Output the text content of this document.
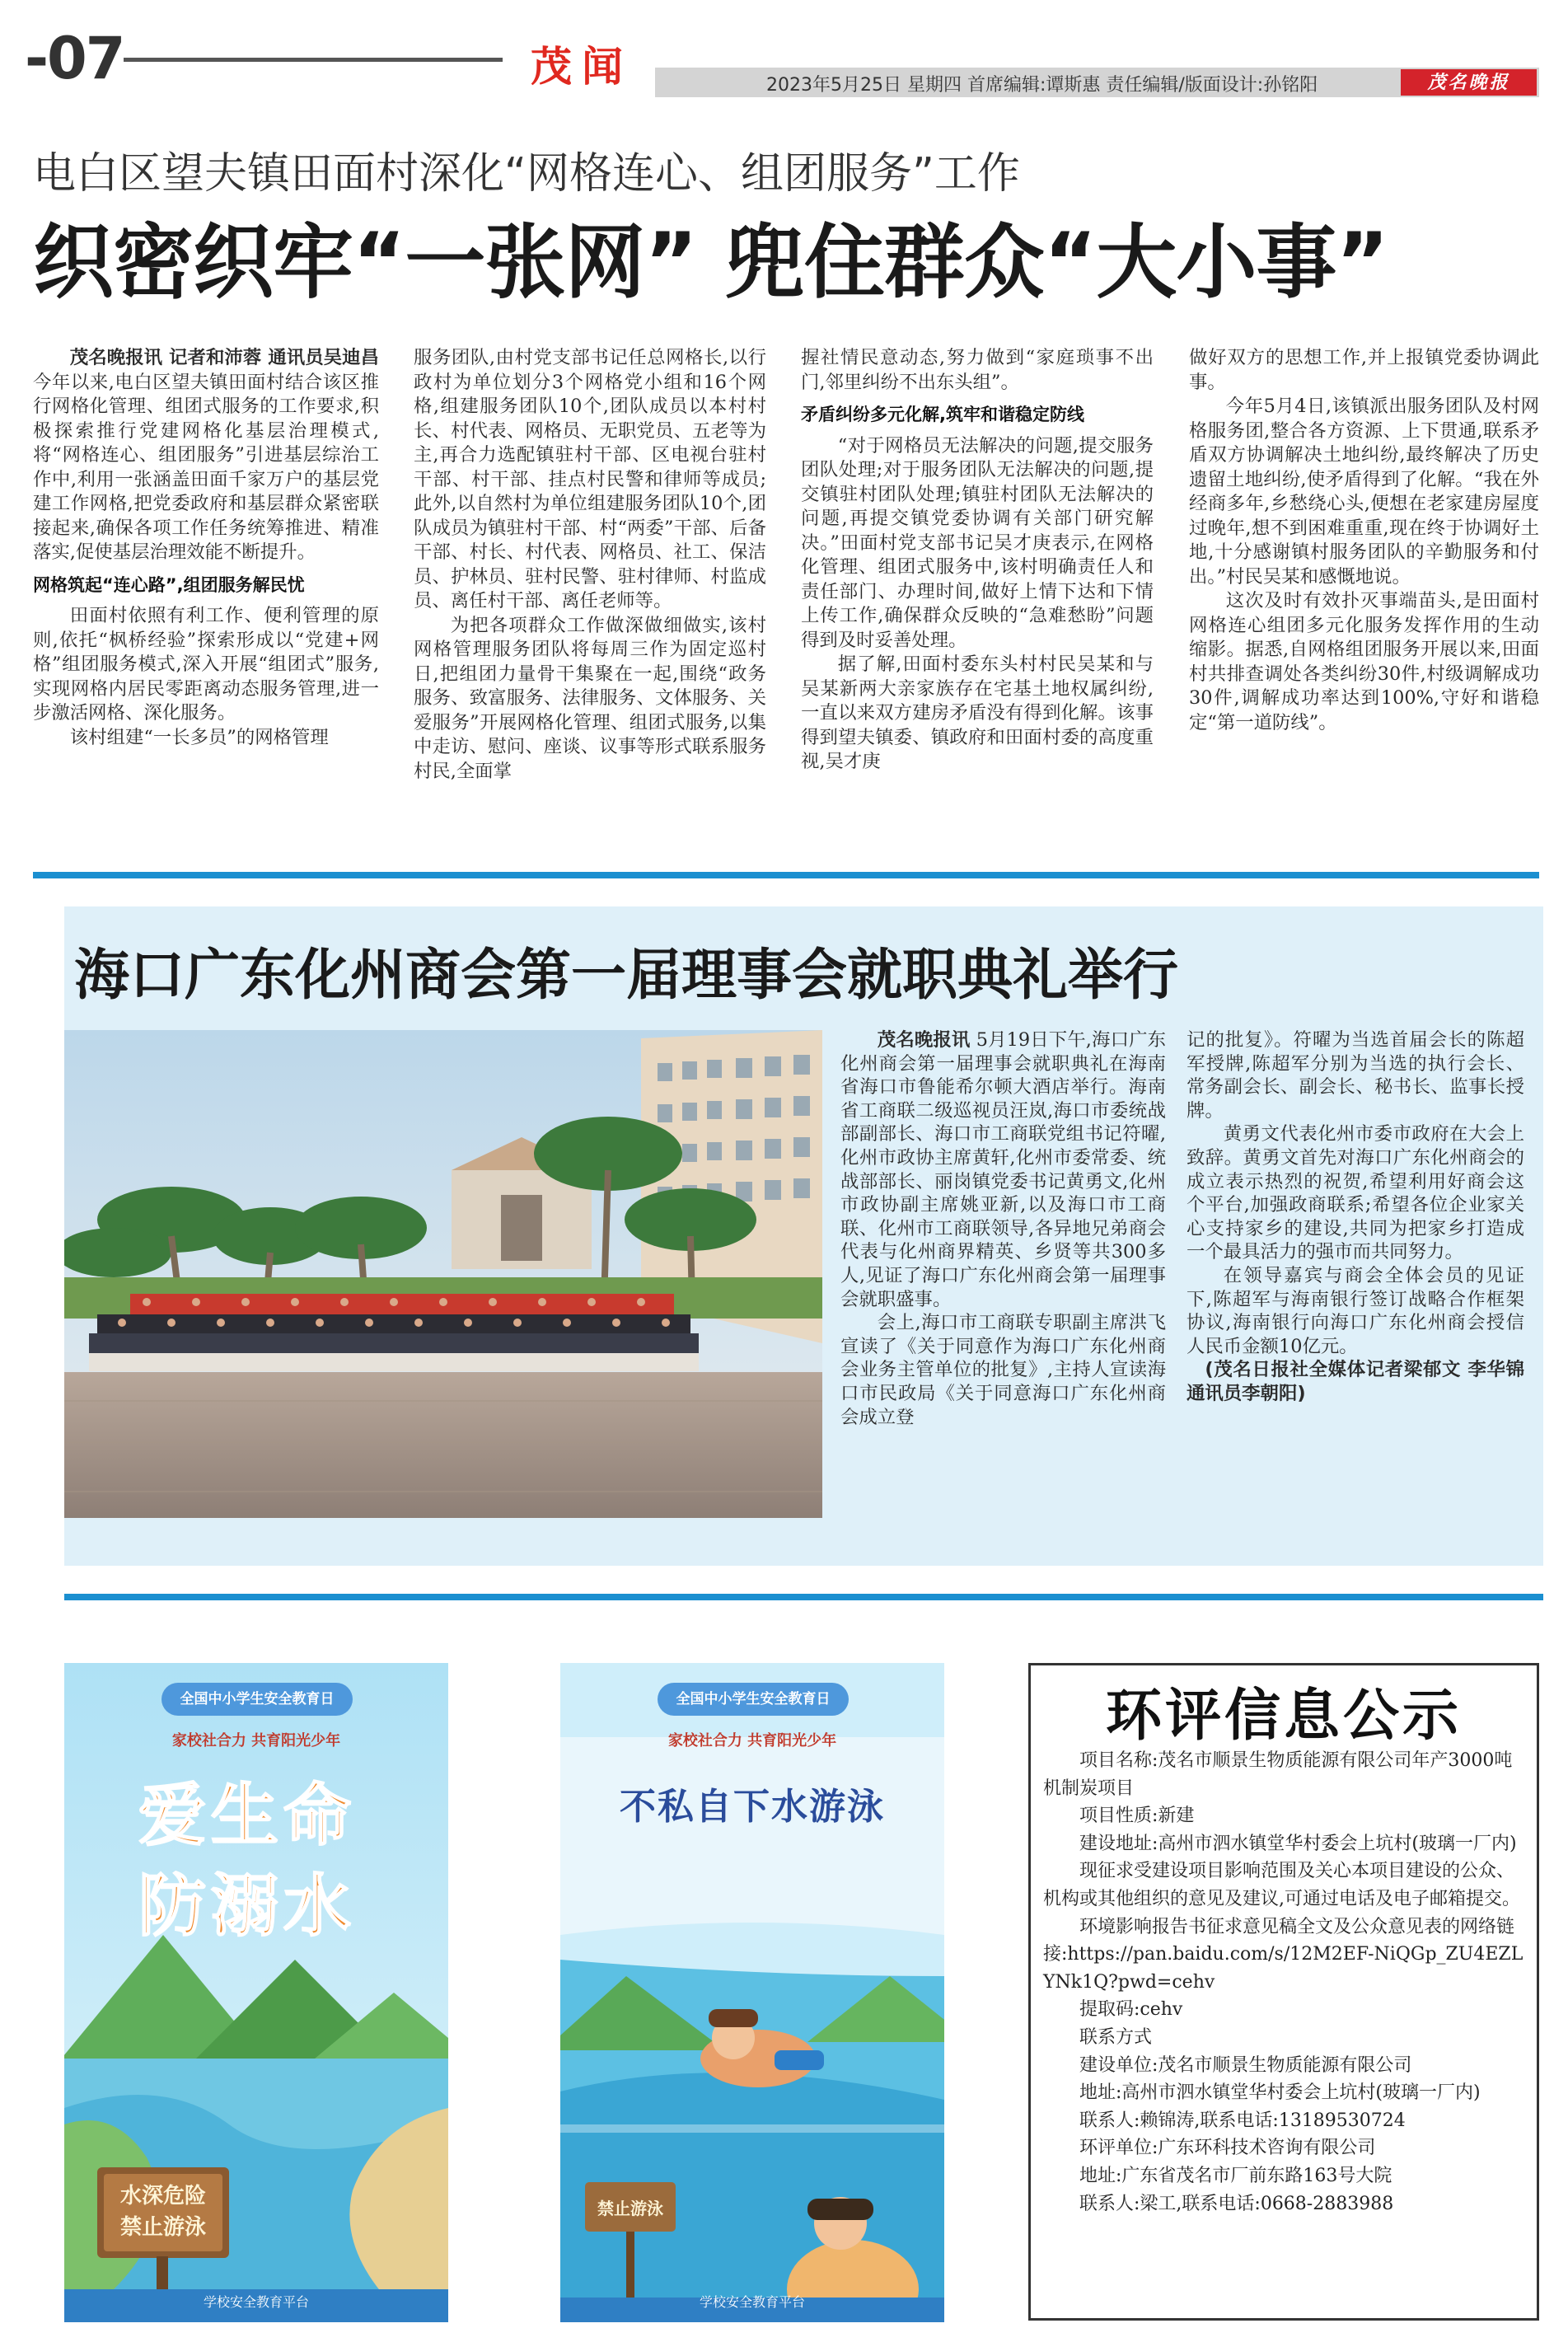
-07	茂 闻	2023年5月25日 星期四 首席编辑:谭斯惠 责任编辑/版面设计:孙铭阳	茂名晚报
电白区望夫镇田面村深化“网格连心、组团服务”工作
织密织牢“一张网” 兜住群众“大小事”

茂名晚报讯 记者和沛蓉 通讯员吴迪昌 今年以来,电白区望夫镇田面村结合该区推行网格化管理、组团式服务的工作要求,积极探索推行党建网格化基层治理模式,将“网格连心、组团服务”引进基层综治工作中,利用一张涵盖田面千家万户的基层党建工作网格,把党委政府和基层群众紧密联接起来,确保各项工作任务统筹推进、精准落实,促使基层治理效能不断提升。

网格筑起“连心路”,组团服务解民忧

田面村依照有利工作、便利管理的原则,依托“枫桥经验”探索形成以“党建+网格”组团服务模式,深入开展“组团式”服务,实现网格内居民零距离动态服务管理,进一步激活网格、深化服务。

该村组建“一长多员”的网格管理

服务团队,由村党支部书记任总网格长,以行政村为单位划分3个网格党小组和16个网格,组建服务团队10个,团队成员以本村村长、村代表、网格员、无职党员、五老等为主,再合力选配镇驻村干部、区电视台驻村干部、村干部、挂点村民警和律师等成员;此外,以自然村为单位组建服务团队10个,团队成员为镇驻村干部、村“两委”干部、后备干部、村长、村代表、网格员、社工、保洁员、护林员、驻村民警、驻村律师、村监成员、离任村干部、离任老师等。

为把各项群众工作做深做细做实,该村网格管理服务团队将每周三作为固定巡村日,把组团力量骨干集聚在一起,围绕“政务服务、致富服务、法律服务、文体服务、关爱服务”开展网格化管理、组团式服务,以集中走访、慰问、座谈、议事等形式联系服务村民,全面掌

握社情民意动态,努力做到“家庭琐事不出门,邻里纠纷不出东头组”。

矛盾纠纷多元化解,筑牢和谐稳定防线

“对于网格员无法解决的问题,提交服务团队处理;对于服务团队无法解决的问题,提交镇驻村团队处理;镇驻村团队无法解决的问题,再提交镇党委协调有关部门研究解决。”田面村党支部书记吴才庚表示,在网格化管理、组团式服务中,该村明确责任人和责任部门、办理时间,做好上情下达和下情上传工作,确保群众反映的“急难愁盼”问题得到及时妥善处理。

据了解,田面村委东头村村民吴某和与吴某新两大亲家族存在宅基土地权属纠纷,一直以来双方建房矛盾没有得到化解。该事得到望夫镇委、镇政府和田面村委的高度重视,吴才庚

做好双方的思想工作,并上报镇党委协调此事。

今年5月4日,该镇派出服务团队及村网格服务团,整合各方资源、上下贯通,联系矛盾双方协调解决土地纠纷,最终解决了历史遗留土地纠纷,使矛盾得到了化解。“我在外经商多年,乡愁绕心头,便想在老家建房屋度过晚年,想不到困难重重,现在终于协调好土地,十分感谢镇村服务团队的辛勤服务和付出。”村民吴某和感慨地说。

这次及时有效扑灭事端苗头,是田面村网格连心组团多元化服务发挥作用的生动缩影。据悉,自网格组团服务开展以来,田面村共排查调处各类纠纷30件,村级调解成功30件,调解成功率达到100%,守好和谐稳定“第一道防线”。

海口广东化州商会第一届理事会就职典礼举行

茂名晚报讯 5月19日下午,海口广东化州商会第一届理事会就职典礼在海南省海口市鲁能希尔顿大酒店举行。海南省工商联二级巡视员汪岚,海口市委统战部副部长、海口市工商联党组书记符曜,化州市政协主席黄轩,化州市委常委、统战部部长、丽岗镇党委书记黄勇文,化州市政协副主席姚亚新,以及海口市工商联、化州市工商联领导,各异地兄弟商会代表与化州商界精英、乡贤等共300多人,见证了海口广东化州商会第一届理事会就职盛事。

会上,海口市工商联专职副主席洪飞宣读了《关于同意作为海口广东化州商会业务主管单位的批复》,主持人宣读海口市民政局《关于同意海口广东化州商会成立登

记的批复》。符曜为当选首届会长的陈超军授牌,陈超军分别为当选的执行会长、常务副会长、副会长、秘书长、监事长授牌。

黄勇文代表化州市委市政府在大会上致辞。黄勇文首先对海口广东化州商会的成立表示热烈的祝贺,希望利用好商会这个平台,加强政商联系;希望各位企业家关心支持家乡的建设,共同为把家乡打造成一个最具活力的强市而共同努力。

在领导嘉宾与商会全体会员的见证下,陈超军与海南银行签订战略合作框架协议,海南银行向海口广东化州商会授信人民币金额10亿元。

(茂名日报社全媒体记者梁郁文 李华锦 通讯员李朝阳)

全国中小学生安全教育日
家校社合力 共育阳光少年
爱生命
防溺水
水深危险
禁止游泳
学校安全教育平台
全国中小学生安全教育日
家校社合力 共育阳光少年
不私自下水游泳
禁止游泳
学校安全教育平台
环评信息公示

项目名称:茂名市顺景生物质能源有限公司年产3000吨机制炭项目

项目性质:新建

建设地址:高州市泗水镇堂华村委会上坑村(玻璃一厂内)

现征求受建设项目影响范围及关心本项目建设的公众、机构或其他组织的意见及建议,可通过电话及电子邮箱提交。

环境影响报告书征求意见稿全文及公众意见表的网络链接:https://pan.baidu.com/s/12M2EF-NiQGp_ZU4EZLYNk1Q?pwd=cehv

提取码:cehv

联系方式

建设单位:茂名市顺景生物质能源有限公司

地址:高州市泗水镇堂华村委会上坑村(玻璃一厂内)

联系人:赖锦涛,联系电话:13189530724

环评单位:广东环科技术咨询有限公司

地址:广东省茂名市厂前东路163号大院

联系人:梁工,联系电话:0668-2883988
